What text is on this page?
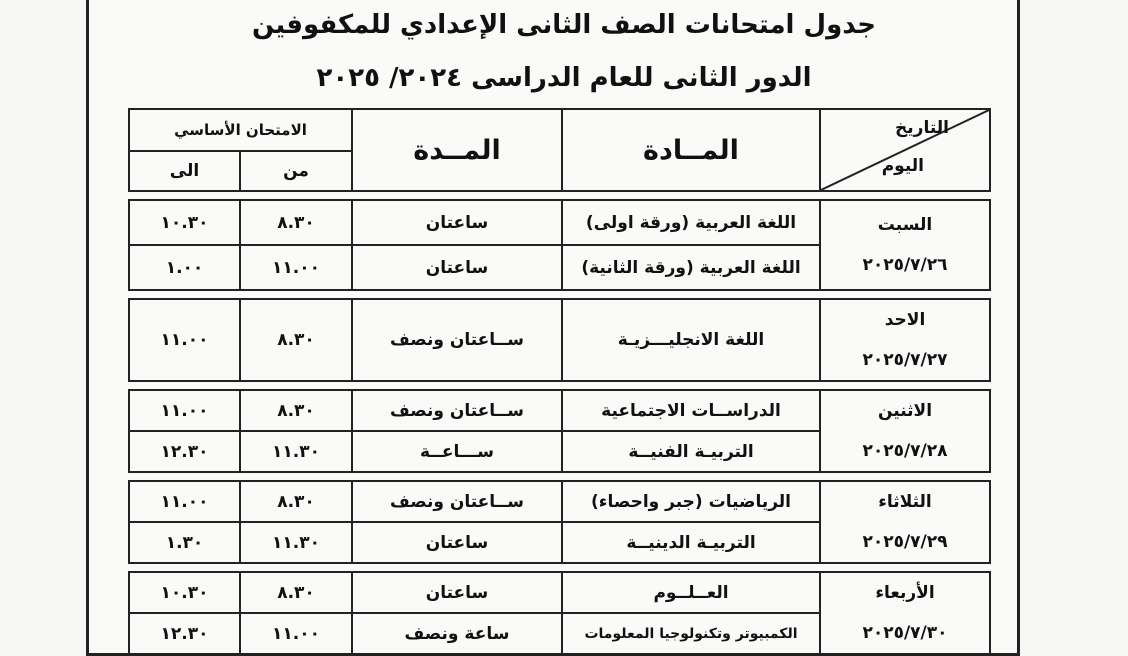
جدول امتحانات الصف الثانى الإعدادي للمكفوفين
الدور الثانى للعام الدراسى ٢٠٢٤/ ٢٠٢٥
التاريخ
اليوم	المــادة	المــدة	الامتحان الأساسي	
			من	الى

السبت
٢٠٢٥/٧/٢٦	اللغة العربية (ورقة اولى)	ساعتان	٨.٣٠	١٠.٣٠
	اللغة العربية (ورقة الثانية)	ساعتان	١١.٠٠	١.٠٠

الاحد
٢٠٢٥/٧/٢٧	اللغة الانجليـــزيـة	ســاعتان ونصف	٨.٣٠	١١.٠٠

الاثنين
٢٠٢٥/٧/٢٨	الدراســات الاجتماعية	ســاعتان ونصف	٨.٣٠	١١.٠٠
	التربيـة الفنيــة	ســـاعــة	١١.٣٠	١٢.٣٠

الثلاثاء
٢٠٢٥/٧/٢٩	الرياضيات (جبر واحصاء)	ســاعتان ونصف	٨.٣٠	١١.٠٠
	التربيـة الدينيــة	ساعتان	١١.٣٠	١.٣٠

الأربعاء
٢٠٢٥/٧/٣٠	العــلــوم	ساعتان	٨.٣٠	١٠.٣٠
	الكمبيوتر وتكنولوجيا المعلومات	ساعة ونصف	١١.٠٠	١٢.٣٠
